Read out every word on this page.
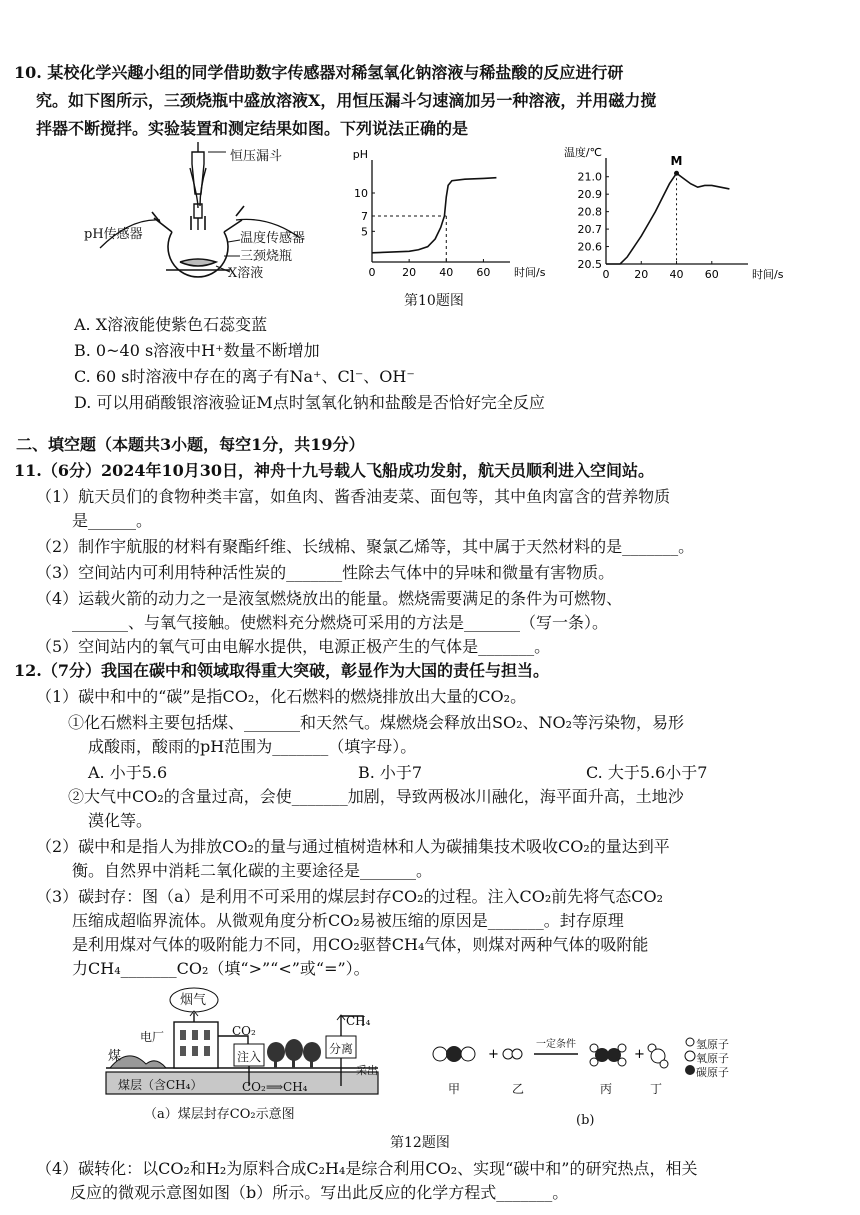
10. 某校化学兴趣小组的同学借助数字传感器对稀氢氧化钠溶液与稀盐酸的反应进行研
究。如下图所示，三颈烧瓶中盛放溶液X，用恒压漏斗匀速滴加另一种溶液，并用磁力搅
拌器不断搅拌。实验装置和测定结果如图。下列说法正确的是
恒压漏斗
pH传感器	温度传感器
三颈烧瓶
X溶液	0 20 40 60 时间/s
5
7
10
pH
0 20 40 60	时间/s
20.5
20.6
20.7
20.8
20.9
21.0
温度/℃
M
第10题图
A. X溶液能使紫色石蕊变蓝
B. 0~40 s溶液中H⁺数量不断增加
C. 60 s时溶液中存在的离子有Na⁺、Cl⁻、OH⁻
D. 可以用硝酸银溶液验证M点时氢氧化钠和盐酸是否恰好完全反应
二、填空题（本题共3小题，每空1分，共19分）
11.（6分）2024年10月30日，神舟十九号载人飞船成功发射，航天员顺利进入空间站。
（1）航天员们的食物种类丰富，如鱼肉、酱香油麦菜、面包等，其中鱼肉富含的营养物质
是______。
（2）制作宇航服的材料有聚酯纤维、长绒棉、聚氯乙烯等，其中属于天然材料的是_______。
（3）空间站内可利用特种活性炭的_______性除去气体中的异味和微量有害物质。
（4）运载火箭的动力之一是液氢燃烧放出的能量。燃烧需要满足的条件为可燃物、
_______、与氧气接触。使燃料充分燃烧可采用的方法是_______（写一条）。
（5）空间站内的氧气可由电解水提供，电源正极产生的气体是_______。
12.（7分）我国在碳中和领域取得重大突破，彰显作为大国的责任与担当。
（1）碳中和中的“碳”是指CO₂，化石燃料的燃烧排放出大量的CO₂。
①化石燃料主要包括煤、_______和天然气。煤燃烧会释放出SO₂、NO₂等污染物，易形
成酸雨，酸雨的pH范围为_______（填字母）。
A. 小于5.6	B. 小于7	C. 大于5.6小于7
②大气中CO₂的含量过高，会使_______加剧，导致两极冰川融化，海平面升高，土地沙
漠化等。
（2）碳中和是指人为排放CO₂的量与通过植树造林和人为碳捕集技术吸收CO₂的量达到平
衡。自然界中消耗二氧化碳的主要途径是_______。
（3）碳封存：图（a）是利用不可采用的煤层封存CO₂的过程。注入CO₂前先将气态CO₂
压缩成超临界流体。从微观角度分析CO₂易被压缩的原因是_______。封存原理
是利用煤对气体的吸附能力不同，用CO₂驱替CH₄气体，则煤对两种气体的吸附能
力CH₄_______CO₂（填“>”“<”或“=”）。
烟气
CO₂
CH₄
电厂
煤	注入
分离
采出
煤层（含CH₄）	CO₂⟹CH₄
（a）煤层封存CO₂示意图
+	+
一定条件	氢原子
氧原子
碳原子
甲	乙	丙	丁
(b)
第12题图
（4）碳转化：以CO₂和H₂为原料合成C₂H₄是综合利用CO₂、实现“碳中和”的研究热点，相关
反应的微观示意图如图（b）所示。写出此反应的化学方程式_______。
